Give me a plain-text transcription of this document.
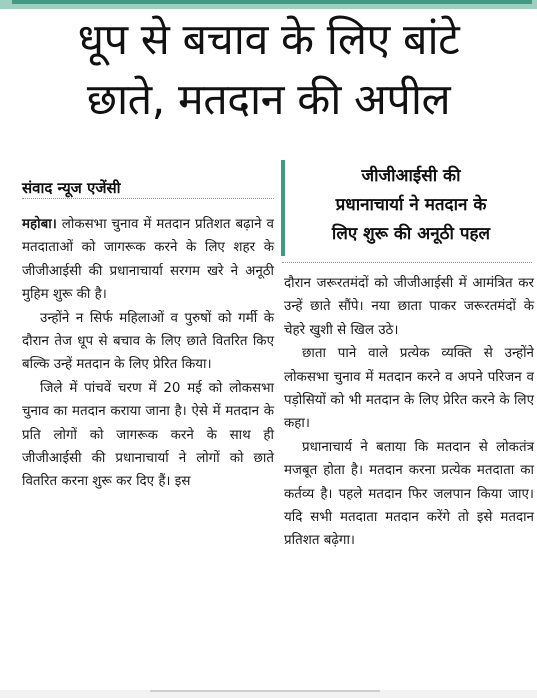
धूप से बचाव के लिए बांटे
छाते, मतदान की अपील
संवाद न्यूज एजेंसी
जीजीआईसी की
प्रधानाचार्या ने मतदान के
लिए शुरू की अनूठी पहल

महोबा। लोकसभा चुनाव में मतदान प्रतिशत बढ़ाने व मतदाताओं को जागरूक करने के लिए शहर के जीजीआईसी की प्रधानाचार्या सरगम खरे ने अनूठी मुहिम शुरू की है।

उन्होंने न सिर्फ महिलाओं व पुरुषों को गर्मी के दौरान तेज धूप से बचाव के लिए छाते वितरित किए बल्कि उन्हें मतदान के लिए प्रेरित किया।

जिले में पांचवें चरण में 20 मई को लोकसभा चुनाव का मतदान कराया जाना है। ऐसे में मतदान के प्रति लोगों को जागरूक करने के साथ ही जीजीआईसी की प्रधानाचार्या ने लोगों को छाते वितरित करना शुरू कर दिए हैं। इस

दौरान जरूरतमंदों को जीजीआईसी में आमंत्रित कर उन्हें छाते सौंपे। नया छाता पाकर जरूरतमंदों के चेहरे खुशी से खिल उठे।

छाता पाने वाले प्रत्येक व्यक्ति से उन्होंने लोकसभा चुनाव में मतदान करने व अपने परिजन व पड़ोसियों को भी मतदान के लिए प्रेरित करने के लिए कहा।

प्रधानाचार्य ने बताया कि मतदान से लोकतंत्र मजबूत होता है। मतदान करना प्रत्येक मतदाता का कर्तव्य है। पहले मतदान फिर जलपान किया जाए। यदि सभी मतदाता मतदान करेंगे तो इसे मतदान प्रतिशत बढ़ेगा।
